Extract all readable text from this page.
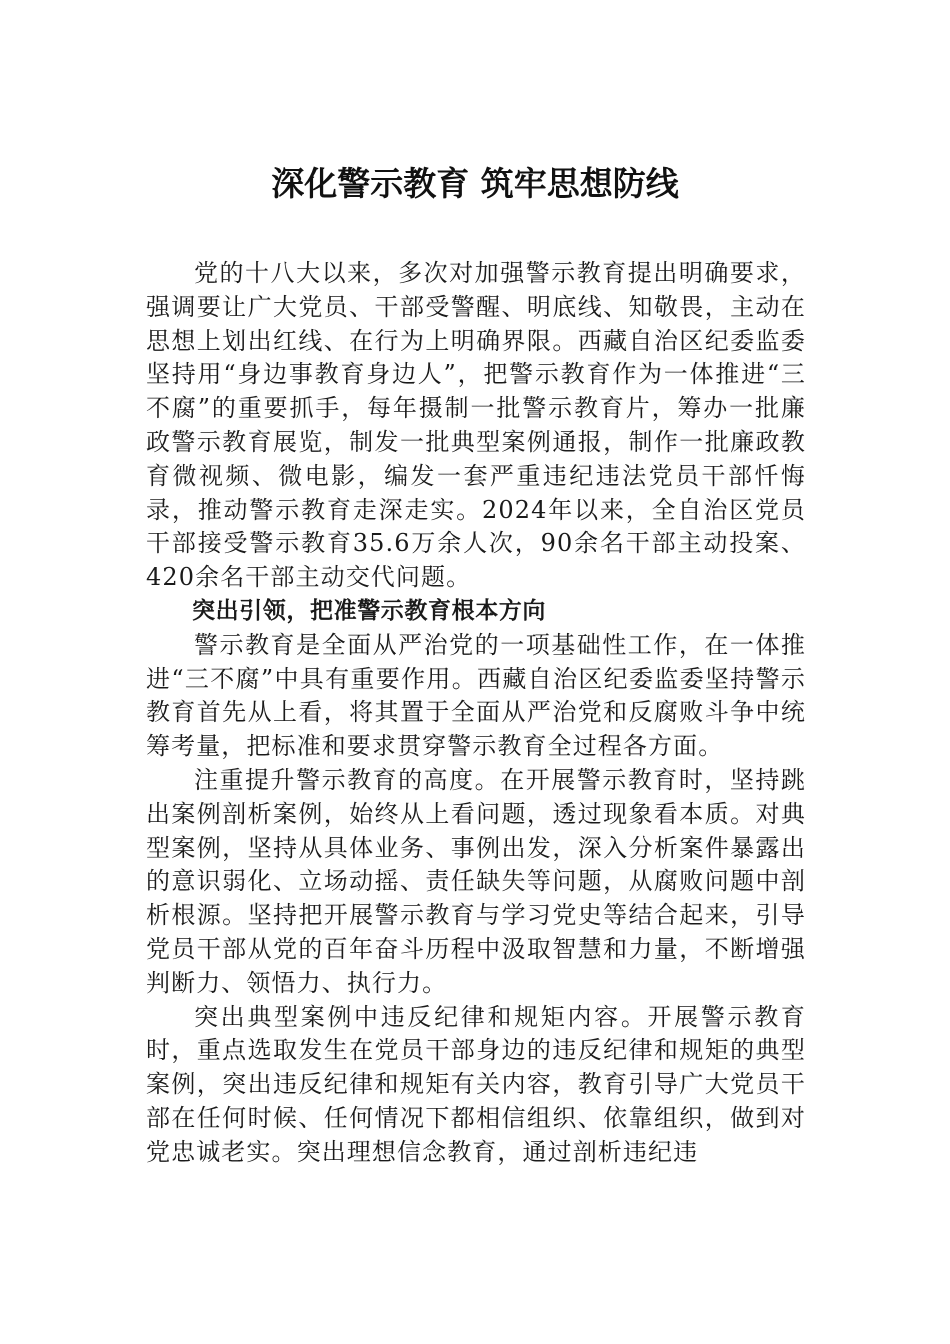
深化警示教育 筑牢思想防线

党的十八大以来，多次对加强警示教育提出明确要求，强调要让广大党员、干部受警醒、明底线、知敬畏，主动在思想上划出红线、在行为上明确界限。西藏自治区纪委监委坚持用“身边事教育身边人”，把警示教育作为一体推进“三不腐”的重要抓手，每年摄制一批警示教育片，筹办一批廉政警示教育展览，制发一批典型案例通报，制作一批廉政教育微视频、微电影，编发一套严重违纪违法党员干部忏悔录，推动警示教育走深走实。2024年以来，全自治区党员干部接受警示教育35.6万余人次，90余名干部主动投案、420余名干部主动交代问题。

突出引领，把准警示教育根本方向

警示教育是全面从严治党的一项基础性工作，在一体推进“三不腐”中具有重要作用。西藏自治区纪委监委坚持警示教育首先从上看，将其置于全面从严治党和反腐败斗争中统筹考量，把标准和要求贯穿警示教育全过程各方面。

注重提升警示教育的高度。在开展警示教育时，坚持跳出案例剖析案例，始终从上看问题，透过现象看本质。对典型案例，坚持从具体业务、事例出发，深入分析案件暴露出的意识弱化、立场动摇、责任缺失等问题，从腐败问题中剖析根源。坚持把开展警示教育与学习党史等结合起来，引导党员干部从党的百年奋斗历程中汲取智慧和力量，不断增强判断力、领悟力、执行力。

突出典型案例中违反纪律和规矩内容。开展警示教育时，重点选取发生在党员干部身边的违反纪律和规矩的典型案例，突出违反纪律和规矩有关内容，教育引导广大党员干部在任何时候、任何情况下都相信组织、依靠组织，做到对党忠诚老实。突出理想信念教育，通过剖析违纪违
